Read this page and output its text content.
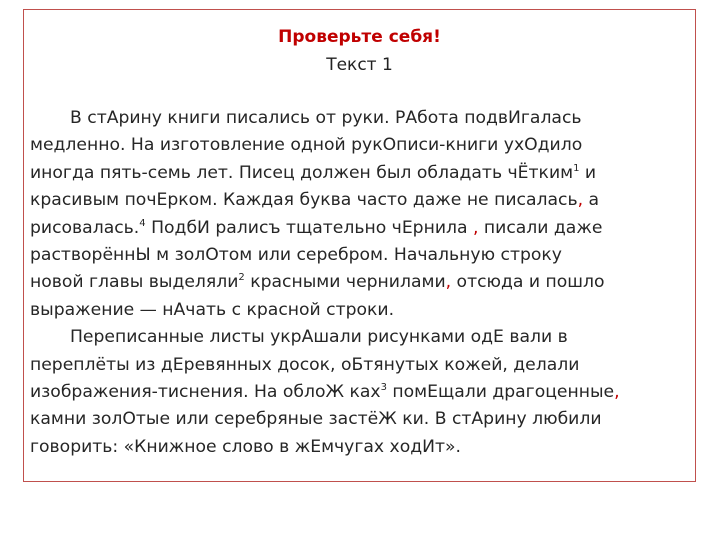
Проверьте себя!
Текст 1
В стАрину книги писались от руки. РАбота подвИгалась
медленно. На изготовление одной рукОписи-книги ухОдило
иногда пять-семь лет. Писец должен был обладать чЁтким$^1$ и
красивым почЕрком. Каждая буква часто даже не писалась, а
рисовалась.$^4$ ПодбИ ралисъ тщательно чЕрнила , писали даже
растворённЫ м золОтом или серебром. Начальную строку
новой главы выделяли$^2$ красными чернилами, отсюда и пошло
выражение — нАчать с красной строки.
Переписанные листы укрАшали рисунками одЕ вали в
переплёты из дЕревянных досок, оБтянутых кожей, делали
изображения-тиснения. На облоЖ ках$^3$ помЕщали драгоценные,
камни золОтые или серебряные застёЖ ки. В стАрину любили
говорить: «Книжное слово в жЕмчугах ходИт».
